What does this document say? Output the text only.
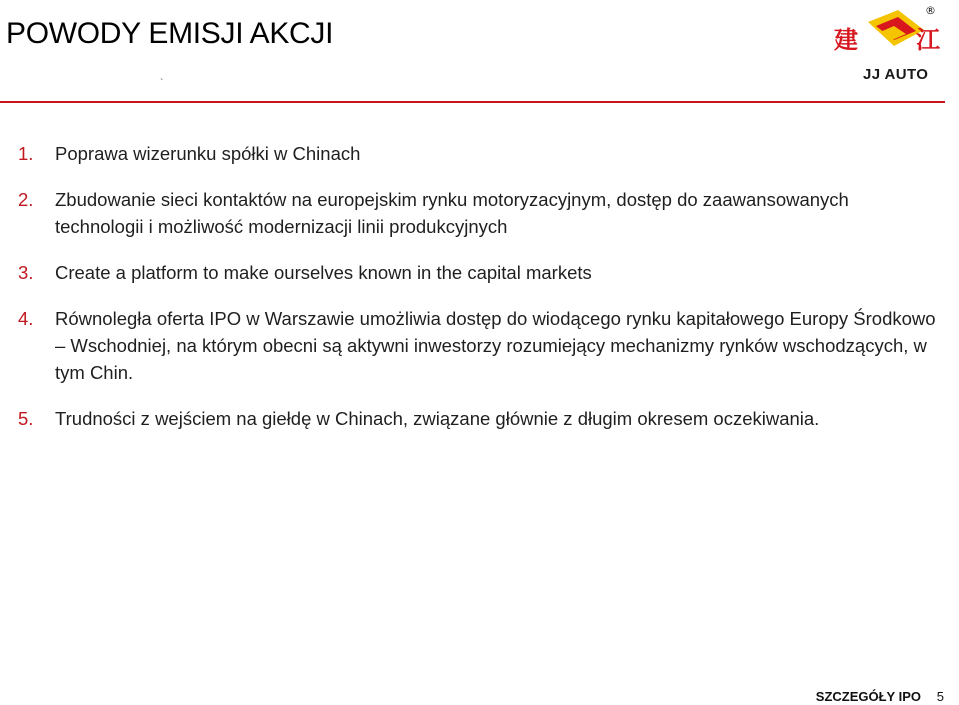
POWODY EMISJI AKCJI
`
建 江
®
JJ AUTO
1. Poprawa wizerunku spółki w Chinach
2. Zbudowanie sieci kontaktów na europejskim rynku motoryzacyjnym, dostęp do zaawansowanych technologii i możliwość modernizacji linii produkcyjnych
3. Create a platform to make ourselves known in the capital markets
4. Równoległa oferta IPO w Warszawie umożliwia dostęp do wiodącego rynku kapitałowego Europy Środkowo – Wschodniej, na którym obecni są aktywni inwestorzy rozumiejący mechanizmy rynków wschodzących, w tym Chin.
5. Trudności z wejściem na giełdę w Chinach, związane głównie z długim okresem oczekiwania.
SZCZEGÓŁY IPO 5
